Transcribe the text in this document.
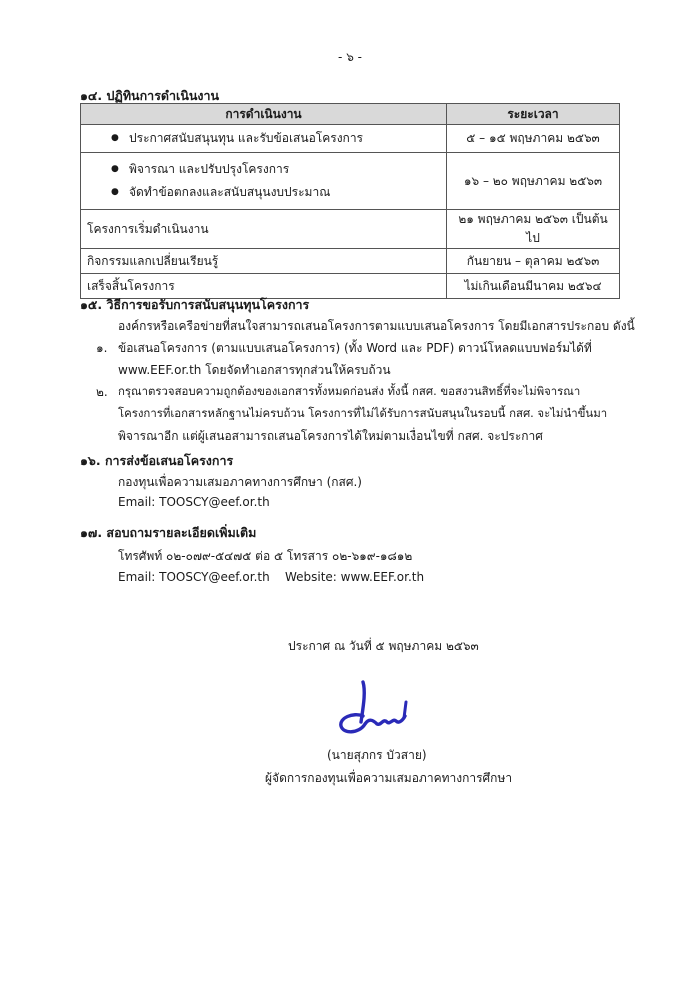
- ๖ -
๑๔. ปฏิทินการดำเนินงาน
การดำเนินงาน	ระยะเวลา

● ประกาศสนับสนุนทุน และรับข้อเสนอโครงการ	๕ – ๑๕ พฤษภาคม ๒๕๖๓

● พิจารณา และปรับปรุงโครงการ
● จัดทำข้อตกลงและสนับสนุนงบประมาณ	๑๖ – ๒๐ พฤษภาคม ๒๕๖๓
โครงการเริ่มดำเนินงาน	๒๑ พฤษภาคม ๒๕๖๓ เป็นต้นไป
กิจกรรมแลกเปลี่ยนเรียนรู้	กันยายน – ตุลาคม ๒๕๖๓
เสร็จสิ้นโครงการ	ไม่เกินเดือนมีนาคม ๒๕๖๔
๑๕. วิธีการขอรับการสนับสนุนทุนโครงการ
องค์กรหรือเครือข่ายที่สนใจสามารถเสนอโครงการตามแบบเสนอโครงการ โดยมีเอกสารประกอบ ดังนี้
๑. ข้อเสนอโครงการ (ตามแบบเสนอโครงการ) (ทั้ง Word และ PDF) ดาวน์โหลดแบบฟอร์มได้ที่
www.EEF.or.th โดยจัดทำเอกสารทุกส่วนให้ครบถ้วน
๒. กรุณาตรวจสอบความถูกต้องของเอกสารทั้งหมดก่อนส่ง ทั้งนี้ กสศ. ขอสงวนสิทธิ์ที่จะไม่พิจารณา
โครงการที่เอกสารหลักฐานไม่ครบถ้วน โครงการที่ไม่ได้รับการสนับสนุนในรอบนี้ กสศ. จะไม่นำขึ้นมา
พิจารณาอีก แต่ผู้เสนอสามารถเสนอโครงการได้ใหม่ตามเงื่อนไขที่ กสศ. จะประกาศ
๑๖. การส่งข้อเสนอโครงการ
กองทุนเพื่อความเสมอภาคทางการศึกษา (กสศ.)
Email: TOOSCY@eef.or.th
๑๗. สอบถามรายละเอียดเพิ่มเติม
โทรศัพท์ ๐๒-๐๗๙-๕๔๗๕ ต่อ ๕ โทรสาร ๐๒-๖๑๙-๑๘๑๒
Email: TOOSCY@eef.or.th    Website: www.EEF.or.th
ประกาศ ณ วันที่ ๕ พฤษภาคม ๒๕๖๓
(นายสุภกร บัวสาย)
ผู้จัดการกองทุนเพื่อความเสมอภาคทางการศึกษา
